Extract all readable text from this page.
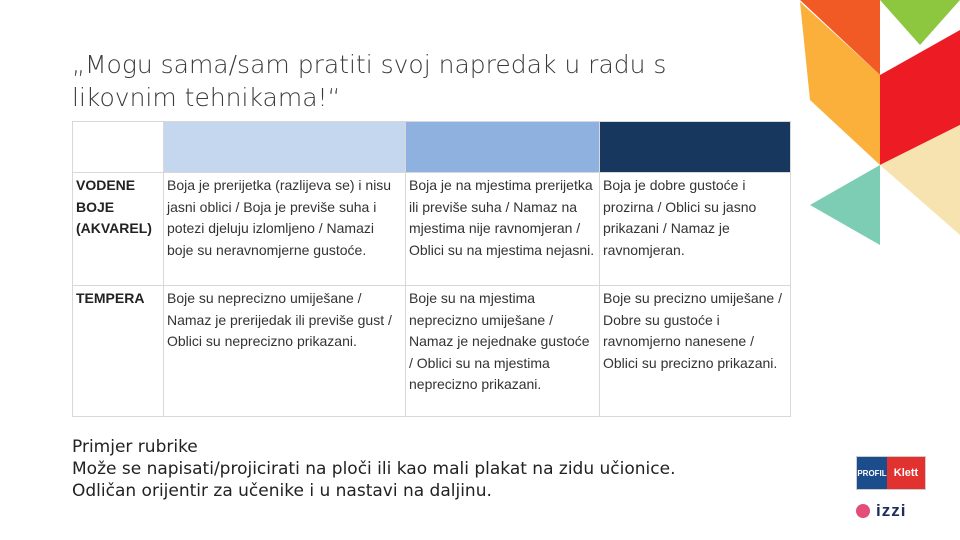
„Mogu sama/sam pratiti svoj napredak u radu s
likovnim tehnikama!“

VODENE BOJE (AKVAREL)	Boja je prerijetka (razlijeva se) i nisu jasni oblici / Boja je previše suha i potezi djeluju izlomljeno / Namazi boje su neravnomjerne gustoće.	Boja je na mjestima prerijetka ili previše suha / Namaz na mjestima nije ravnomjeran / Oblici su na mjestima nejasni.	Boja je dobre gustoće i prozirna / Oblici su jasno prikazani / Namaz je ravnomjeran.
TEMPERA	Boje su neprecizno umiješane / Namaz je prerijedak ili previše gust / Oblici su neprecizno prikazani.	Boje su na mjestima neprecizno umiješane / Namaz je nejednake gustoće / Oblici su na mjestima neprecizno prikazani.	Boje su precizno umiješane / Dobre su gustoće i ravnomjerno nanesene / Oblici su precizno prikazani.
Primjer rubrike
Može se napisati/projicirati na ploči ili kao mali plakat na zidu učionice.
Odličan orijentir za učenike i u nastavi na daljinu.
PROFIL Klett
izzi
